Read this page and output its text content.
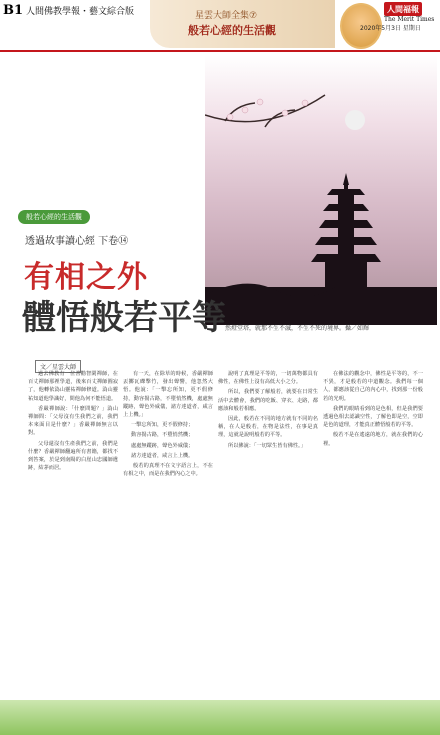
B1 人間佛教學報・藝文綜合版	星雲大師全集⑦
般若心經的生活觀
人間福報
The Merit Times
2020年5月3日 星期日
然燈堂塔，就那不生不滅，不生不死的境界。攝／如輝
般若心經的生活觀
透過故事讀心經 下卷⑭
有相之外
體悟般若平等
文／星雲大師

過去佛教有一位善勸智閑禪師，在百丈禪師那裡學道，後來百丈禪師圓寂了，他轉依溈山靈祐禪師修道。溈山靈祐知道他學識好，問他為何不能悟道。

香嚴禪師說：「什麼問題？」溈山禪師問：「父母沒有生我們之前，我們本來面目是什麼？」香嚴禪師無言以對。

父母還沒有生產我們之前，我們是什麼？香嚴禪師翻遍所有書籍，都找不到答案，於是到南陽的白崖山忠國師遺跡，結茅而居。

有一天，在除草的時候，香嚴禪師丟擲瓦礫擊竹，發出聲響，他忽然大悟。他說：「一擊忘所知，更不假修持，動容揚古路，不墮悄然機，處處無蹤跡，聲色外威儀，諸方達道者，咸言上上機。」

一擊忘所知，更不假修持；

動容揚古路，不墮悄然機；

處處無蹤跡，聲色外威儀；

諸方達道者，咸言上上機。

般若的真理不在文字語言上，不在有相之中，而是在我們內心之中。

說明了真理是平等的，一切萬物都具有佛性，在佛性上沒有高低大小之分。

所以，我們要了解般若，就要在日常生活中去體會，我們的吃飯、穿衣、走路，都應該和般若相應。

因此，般若在不同的地方就有不同的名稱，在人是般若，在物是法性，在事是真理，這就是說明般若的平等。

所以佛說：「一切眾生皆有佛性。」

在佛法的觀念中，佛性是平等的，不一不異，才是般若的中道觀念。我們每一個人，都應該從自己的內心中，找到那一份般若的光明。

我們的眼睛看到的是色相，但是我們要透過色相去認識空性，了解色即是空，空即是色的道理，才能真正體悟般若的平等。

般若不是在遙遠的地方，就在我們的心裡。
